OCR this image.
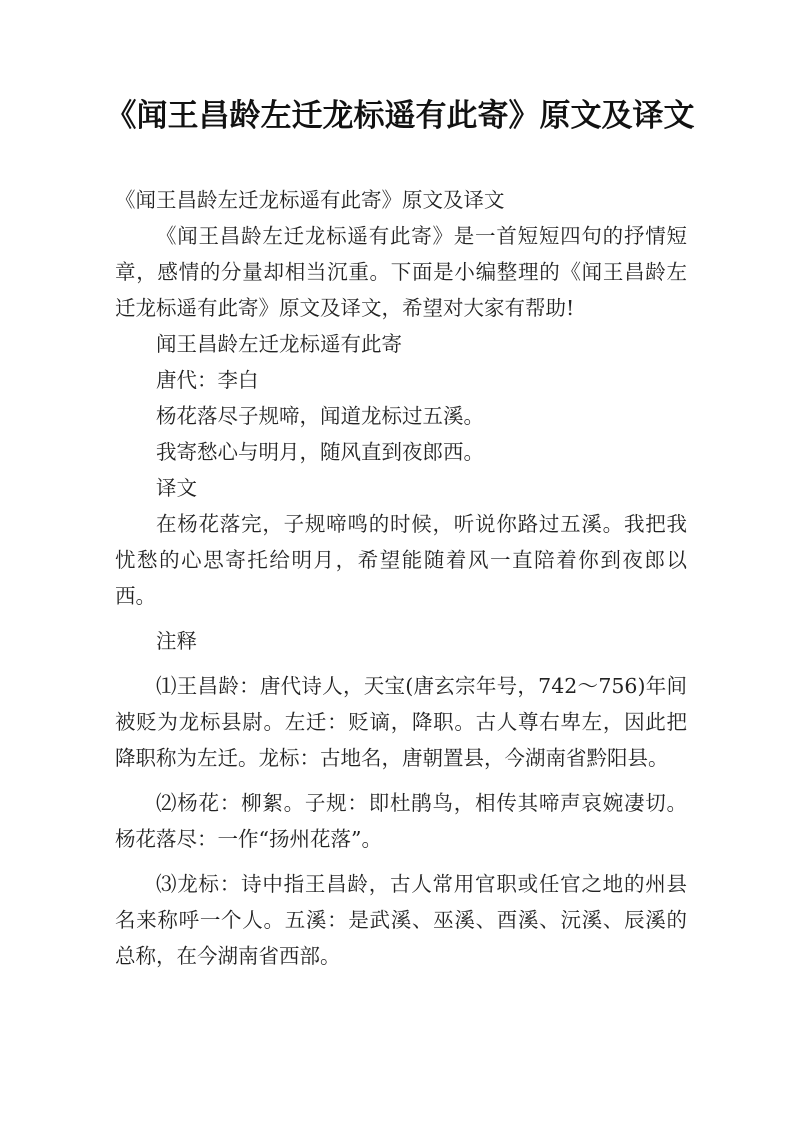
《闻王昌龄左迁龙标遥有此寄》原文及译文

《闻王昌龄左迁龙标遥有此寄》原文及译文

《闻王昌龄左迁龙标遥有此寄》是一首短短四句的抒情短章，感情的分量却相当沉重。下面是小编整理的《闻王昌龄左迁龙标遥有此寄》原文及译文，希望对大家有帮助!

闻王昌龄左迁龙标遥有此寄

唐代：李白

杨花落尽子规啼，闻道龙标过五溪。

我寄愁心与明月，随风直到夜郎西。

译文

在杨花落完，子规啼鸣的时候，听说你路过五溪。我把我忧愁的心思寄托给明月，希望能随着风一直陪着你到夜郎以西。

注释

⑴王昌龄：唐代诗人，天宝(唐玄宗年号，742～756)年间被贬为龙标县尉。左迁：贬谪，降职。古人尊右卑左，因此把降职称为左迁。龙标：古地名，唐朝置县，今湖南省黔阳县。

⑵杨花：柳絮。子规：即杜鹃鸟，相传其啼声哀婉凄切。杨花落尽：一作“扬州花落”。

⑶龙标：诗中指王昌龄，古人常用官职或任官之地的州县名来称呼一个人。五溪：是武溪、巫溪、酉溪、沅溪、辰溪的总称，在今湖南省西部。
